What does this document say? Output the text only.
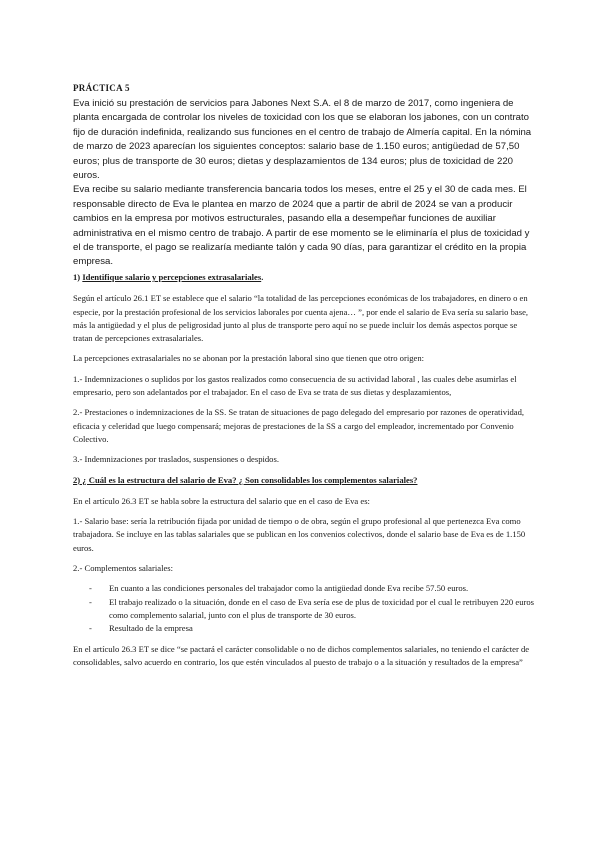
PRÁCTICA 5

Eva inició su prestación de servicios para Jabones Next S.A. el 8 de marzo de 2017, como ingeniera de planta encargada de controlar los niveles de toxicidad con los que se elaboran los jabones, con un contrato fijo de duración indefinida, realizando sus funciones en el centro de trabajo de Almería capital. En la nómina de marzo de 2023 aparecían los siguientes conceptos: salario base de 1.150 euros; antigüedad de 57,50 euros; plus de transporte de 30 euros; dietas y desplazamientos de 134 euros; plus de toxicidad de 220 euros.

Eva recibe su salario mediante transferencia bancaria todos los meses, entre el 25 y el 30 de cada mes. El responsable directo de Eva le plantea en marzo de 2024 que a partir de abril de 2024 se van a producir cambios en la empresa por motivos estructurales, pasando ella a desempeñar funciones de auxiliar administrativa en el mismo centro de trabajo. A partir de ese momento se le eliminaría el plus de toxicidad y el de transporte, el pago se realizaría mediante talón y cada 90 días, para garantizar el crédito en la propia empresa.

1) Identifique salario y percepciones extrasalariales.

Según el artículo 26.1 ET se establece que el salario “la totalidad de las percepciones económicas de los trabajadores, en dinero o en especie, por la prestación profesional de los servicios laborales por cuenta ajena… ”, por ende el salario de Eva sería su salario base, más la antigüedad y el plus de peligrosidad junto al plus de transporte pero aquí no se puede incluir los demás aspectos porque se tratan de percepciones extrasalariales.

La percepciones extrasalariales no se abonan por la prestación laboral sino que tienen que otro origen:

1.- Indemnizaciones o suplidos por los gastos realizados como consecuencia de su actividad laboral , las cuales debe asumirlas el empresario, pero son adelantados por el trabajador. En el caso de Eva se trata de sus dietas y desplazamientos,

2.- Prestaciones o indemnizaciones de la SS. Se tratan de situaciones de pago delegado del empresario por razones de operatividad, eficacia y celeridad que luego compensará; mejoras de prestaciones de la SS a cargo del empleador, incrementado por Convenio Colectivo.

3.- Indemnizaciones por traslados, suspensiones o despidos.

2) ¿ Cuál es la estructura del salario de Eva? ¿ Son consolidables los complementos salariales?

En el artículo 26.3 ET se habla sobre la estructura del salario que en el caso de Eva es:

1.- Salario base: sería la retribución fijada por unidad de tiempo o de obra, según el grupo profesional al que pertenezca Eva como trabajadora. Se incluye en las tablas salariales que se publican en los convenios colectivos, donde el salario base de Eva es de 1.150 euros.

2.- Complementos salariales:

- En cuanto a las condiciones personales del trabajador como la antigüedad donde Eva recibe 57.50 euros.
- El trabajo realizado o la situación, donde en el caso de Eva sería ese de plus de toxicidad por el cual le retribuyen 220 euros como complemento salarial, junto con el plus de transporte de 30 euros.
- Resultado de la empresa

En el artículo 26.3 ET se dice “se pactará el carácter consolidable o no de dichos complementos salariales, no teniendo el carácter de consolidables, salvo acuerdo en contrario, los que estén vinculados al puesto de trabajo o a la situación y resultados de la empresa”
